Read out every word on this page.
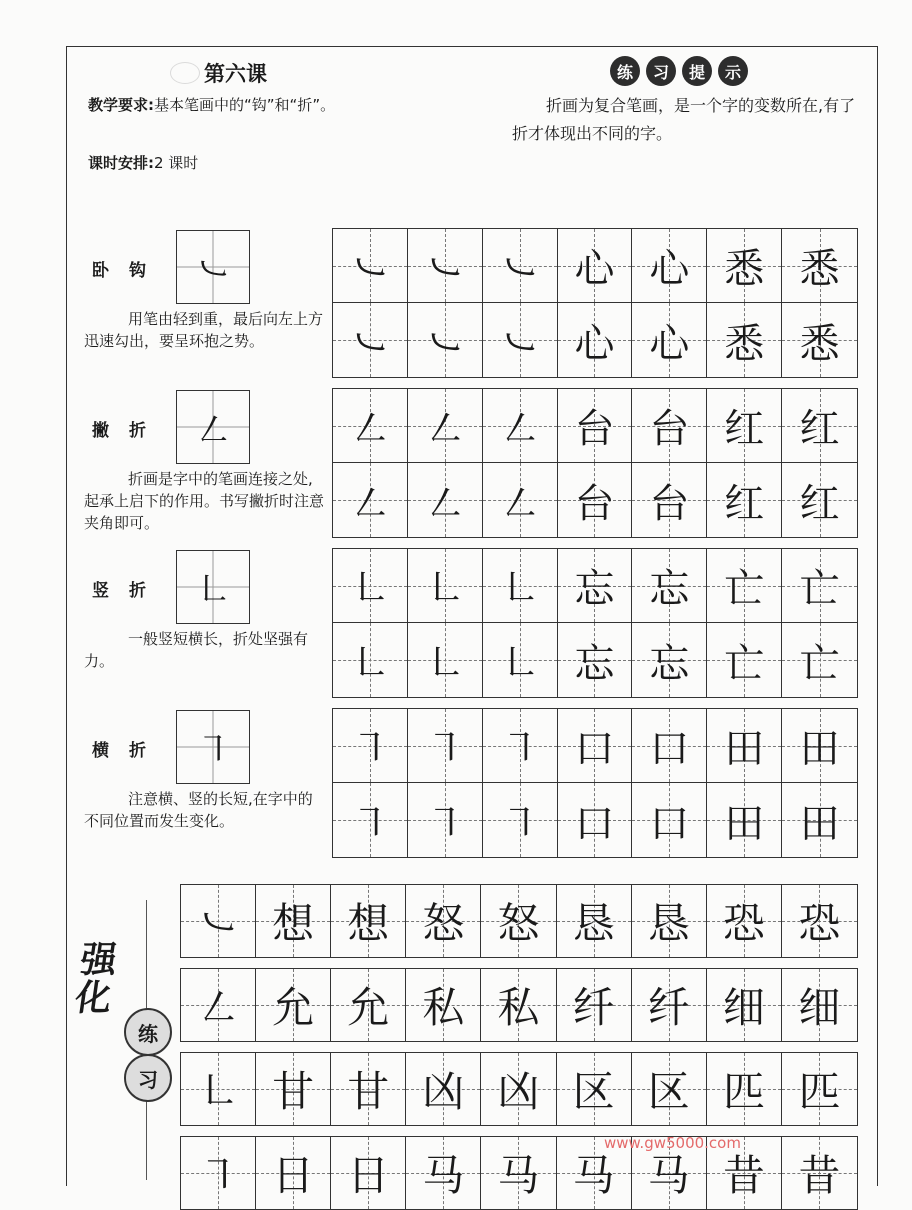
第六课
教学要求:基本笔画中的“钩”和“折”。
课时安排:2 课时
练	习	提	示
折画为复合笔画，是一个字的变数所在,有了折才体现出不同的字。
卧钩 ㇃
用笔由轻到重，最后向左上方迅速勾出，要呈环抱之势。
㇃ ㇃ ㇃ 心 心 悉 悉
㇃ ㇃ ㇃ 心 心 悉 悉
撇折 ㇜
折画是字中的笔画连接之处,起承上启下的作用。书写撇折时注意夹角即可。
㇜ ㇜ ㇜ 台 台 红 红
㇜ ㇜ ㇜ 台 台 红 红
竖折 ㇗
一般竖短横长，折处坚强有力。
㇗ ㇗ ㇗ 忘 忘 亡 亡
㇗ ㇗ ㇗ 忘 忘 亡 亡
横折 ㇕
注意横、竖的长短,在字中的不同位置而发生变化。
㇕ ㇕ ㇕ 口 口 田 田
㇕ ㇕ ㇕ 口 口 田 田
强化
练
习
㇃ 想 想 怒 怒 恳 恳 恐 恐
㇜ 允 允 私 私 纤 纤 细 细
㇗ 甘 甘 凶 凶 区 区 匹 匹
㇕ 日 日 马 马 马 马 昔 昔
www.gw5000.com
